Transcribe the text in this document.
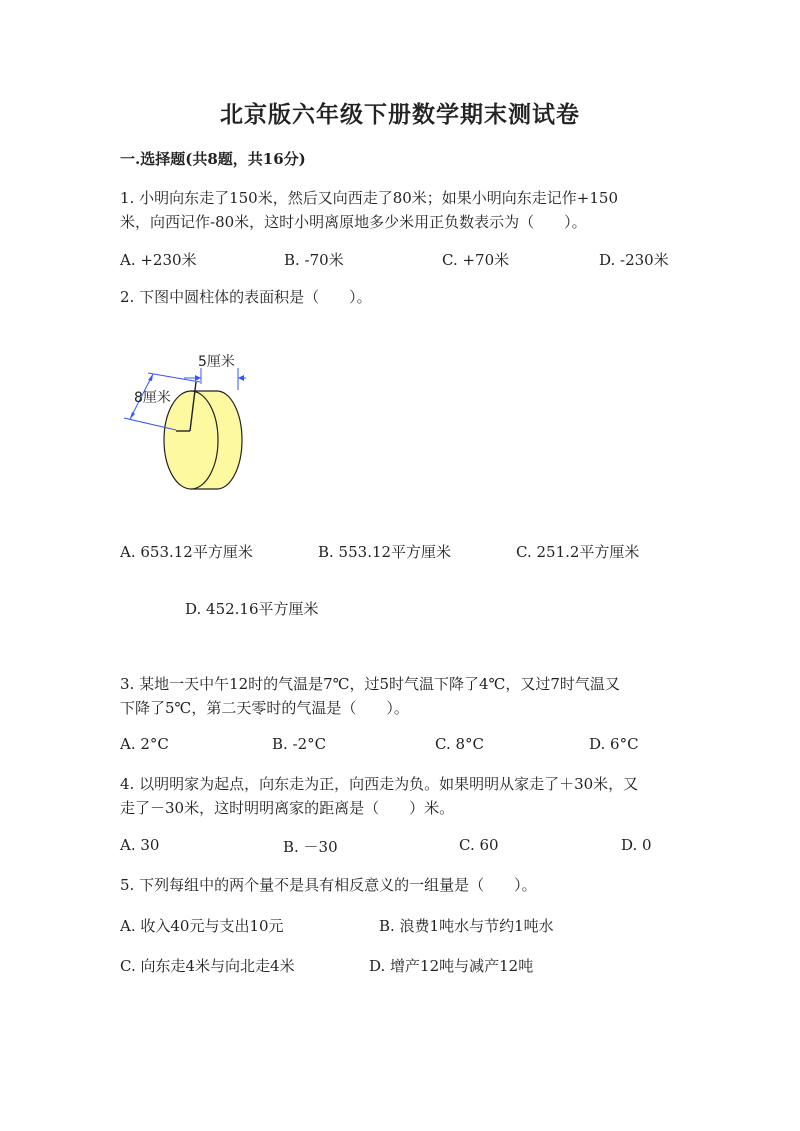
北京版六年级下册数学期末测试卷
一.选择题(共8题，共16分)
1. 小明向东走了150米，然后又向西走了80米；如果小明向东走记作+150
米，向西记作-80米，这时小明离原地多少米用正负数表示为（　　）。
A. +230米	B. -70米	C. +70米	D. -230米
2. 下图中圆柱体的表面积是（　　）。
8厘米
5厘米
A. 653.12平方厘米	B. 553.12平方厘米	C. 251.2平方厘米
D. 452.16平方厘米
3. 某地一天中午12时的气温是7℃，过5时气温下降了4℃，又过7时气温又
下降了5℃，第二天零时的气温是（　　）。
A. 2°C	B. -2°C	C. 8°C	D. 6°C
4. 以明明家为起点，向东走为正，向西走为负。如果明明从家走了＋30米，又
走了－30米，这时明明离家的距离是（　　）米。
A. 30	B. －30	C. 60	D. 0
5. 下列每组中的两个量不是具有相反意义的一组量是（　　）。
A. 收入40元与支出10元	B. 浪费1吨水与节约1吨水
C. 向东走4米与向北走4米	D. 增产12吨与减产12吨
